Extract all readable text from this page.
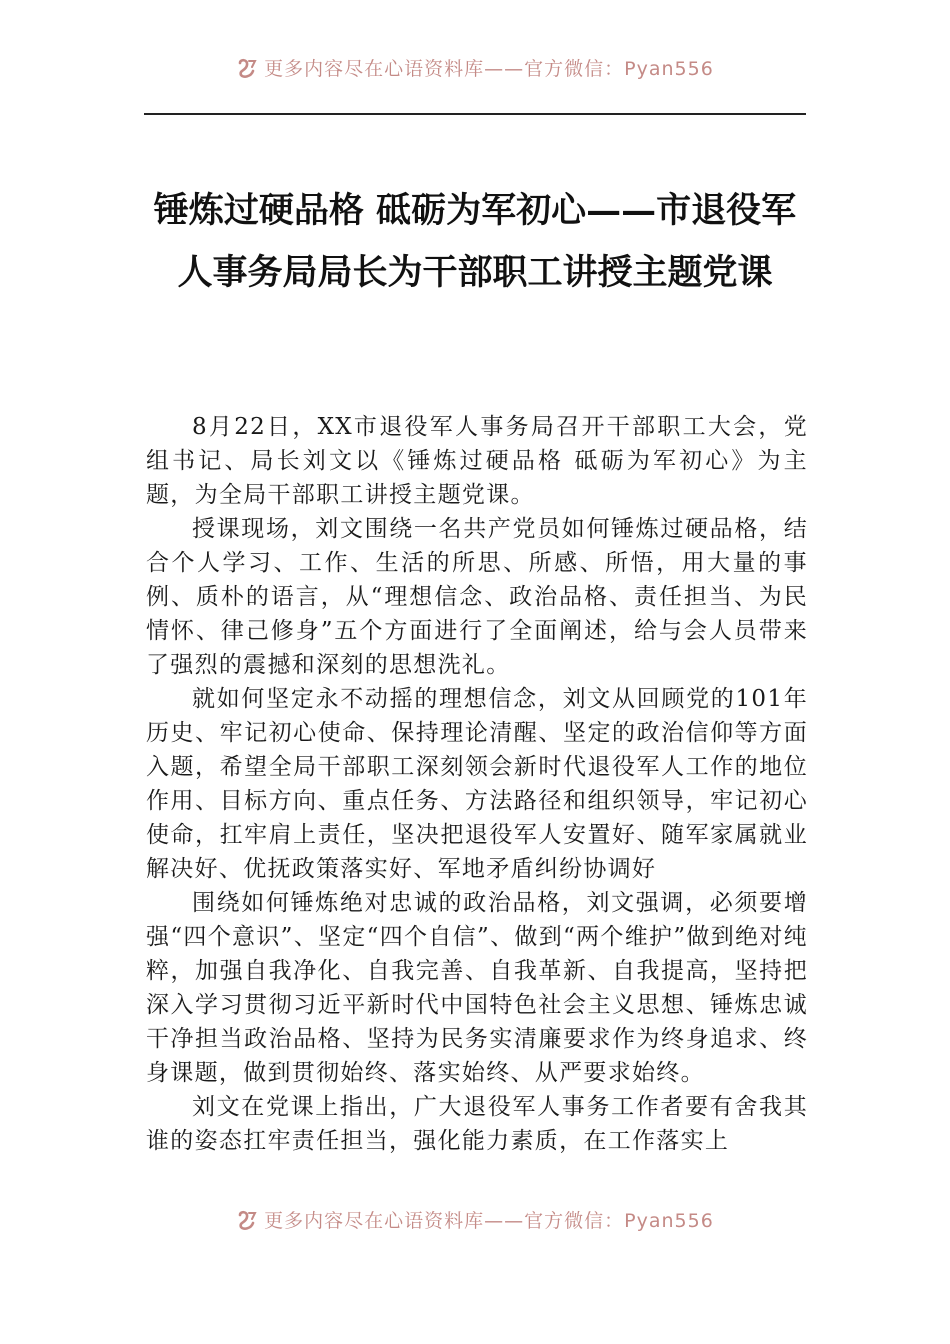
更多内容尽在心语资料库——官方微信：Pyan556
锤炼过硬品格 砥砺为军初心——市退役军
人事务局局长为干部职工讲授主题党课

8月22日，XX市退役军人事务局召开干部职工大会，党组书记、局长刘文以《锤炼过硬品格 砥砺为军初心》为主题，为全局干部职工讲授主题党课。

授课现场，刘文围绕一名共产党员如何锤炼过硬品格，结合个人学习、工作、生活的所思、所感、所悟，用大量的事例、质朴的语言，从“理想信念、政治品格、责任担当、为民情怀、律己修身”五个方面进行了全面阐述，给与会人员带来了强烈的震撼和深刻的思想洗礼。

就如何坚定永不动摇的理想信念，刘文从回顾党的101年历史、牢记初心使命、保持理论清醒、坚定的政治信仰等方面入题，希望全局干部职工深刻领会新时代退役军人工作的地位作用、目标方向、重点任务、方法路径和组织领导，牢记初心使命，扛牢肩上责任，坚决把退役军人安置好、随军家属就业解决好、优抚政策落实好、军地矛盾纠纷协调好

围绕如何锤炼绝对忠诚的政治品格，刘文强调，必须要增强“四个意识”、坚定“四个自信”、做到“两个维护”做到绝对纯粹，加强自我净化、自我完善、自我革新、自我提高，坚持把深入学习贯彻习近平新时代中国特色社会主义思想、锤炼忠诚干净担当政治品格、坚持为民务实清廉要求作为终身追求、终身课题，做到贯彻始终、落实始终、从严要求始终。

刘文在党课上指出，广大退役军人事务工作者要有舍我其谁的姿态扛牢责任担当，强化能力素质，在工作落实上

更多内容尽在心语资料库——官方微信：Pyan556
